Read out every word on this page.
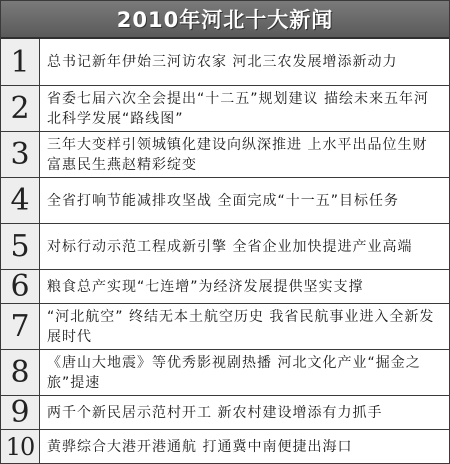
2010年河北十大新闻
1	总书记新年伊始三河访农家 河北三农发展增添新动力
2	省委七届六次全会提出“十二五”规划建议 描绘未来五年河北科学发展“路线图”
3	三年大变样引领城镇化建设向纵深推进 上水平出品位生财富惠民生燕赵精彩绽变
4	全省打响节能减排攻坚战 全面完成“十一五”目标任务
5	对标行动示范工程成新引擎 全省企业加快提进产业高端
6	粮食总产实现“七连增”为经济发展提供坚实支撑
7	“河北航空” 终结无本土航空历史 我省民航事业进入全新发展时代
8	《唐山大地震》等优秀影视剧热播 河北文化产业“掘金之旅”提速
9	两千个新民居示范村开工 新农村建设增添有力抓手
10 黄骅综合大港开港通航 打通冀中南便捷出海口
